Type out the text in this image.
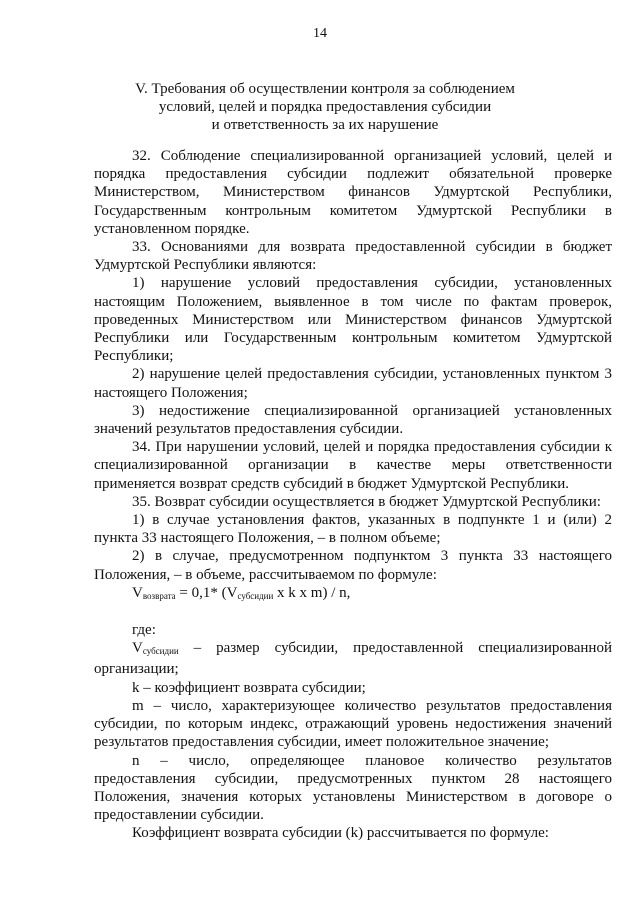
14
V. Требования об осуществлении контроля за соблюдением
условий, целей и порядка предоставления субсидии
и ответственность за их нарушение

32. Соблюдение специализированной организацией условий, целей и порядка предоставления субсидии подлежит обязательной проверке Министерством, Министерством финансов Удмуртской Республики, Государственным контрольным комитетом Удмуртской Республики в установленном порядке.

33. Основаниями для возврата предоставленной субсидии в бюджет Удмуртской Республики являются:

1) нарушение условий предоставления субсидии, установленных настоящим Положением, выявленное в том числе по фактам проверок, проведенных Министерством или Министерством финансов Удмуртской Республики или Государственным контрольным комитетом Удмуртской Республики;

2) нарушение целей предоставления субсидии, установленных пунктом 3 настоящего Положения;

3) недостижение специализированной организацией установленных значений результатов предоставления субсидии.

34. При нарушении условий, целей и порядка предоставления субсидии к специализированной организации в качестве меры ответственности применяется возврат средств субсидий в бюджет Удмуртской Республики.

35. Возврат субсидии осуществляется в бюджет Удмуртской Республики:

1) в случае установления фактов, указанных в подпункте 1 и (или) 2 пункта 33 настоящего Положения, – в полном объеме;

2) в случае, предусмотренном подпунктом 3 пункта 33 настоящего Положения, – в объеме, рассчитываемом по формуле:

$V_{возврата} = 0,1*$ ($V_{субсидии}$ x k x m) / n,

где:

$V_{субсидии}$ – размер субсидии, предоставленной специализированной организации;

k – коэффициент возврата субсидии;

m – число, характеризующее количество результатов предоставления субсидии, по которым индекс, отражающий уровень недостижения значений результатов предоставления субсидии, имеет положительное значение;

n – число, определяющее плановое количество результатов предоставления субсидии, предусмотренных пунктом 28 настоящего Положения, значения которых установлены Министерством в договоре о предоставлении субсидии.

Коэффициент возврата субсидии (k) рассчитывается по формуле:
